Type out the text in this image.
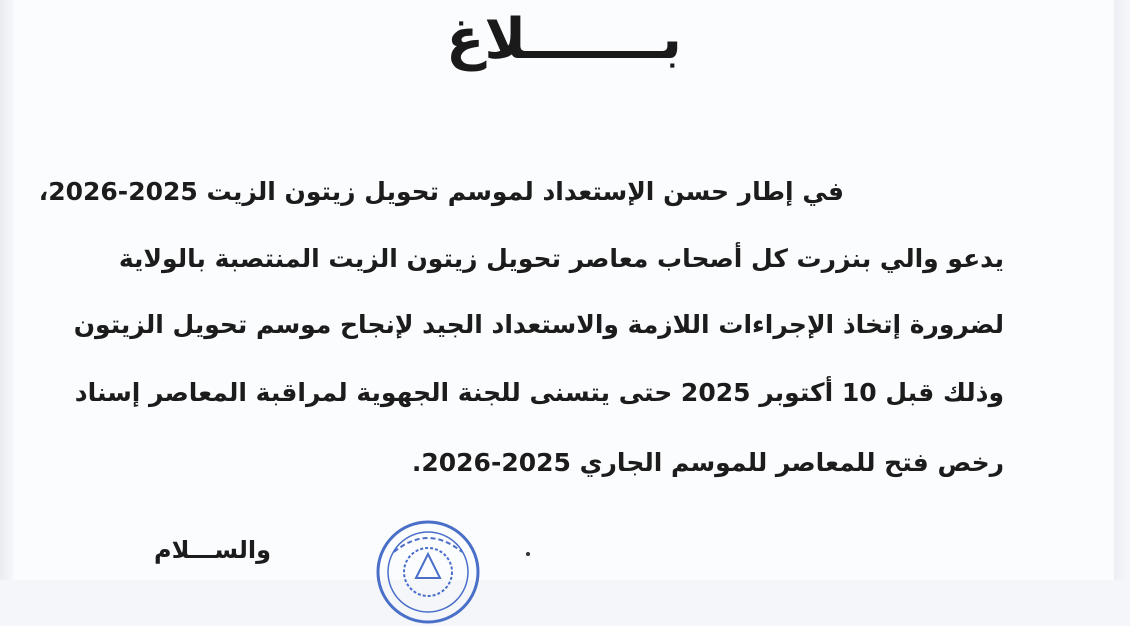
بـــــــلاغ
في إطار حسن الإستعداد لموسم تحويل زيتون الزيت 2025-2026،
يدعو والي بنزرت كل أصحاب معاصر تحويل زيتون الزيت المنتصبة بالولاية
لضرورة إتخاذ الإجراءات اللازمة والاستعداد الجيد لإنجاح موسم تحويل الزيتون
وذلك قبل 10 أكتوبر 2025 حتى يتسنى للجنة الجهوية لمراقبة المعاصر إسناد
رخص فتح للمعاصر للموسم الجاري 2025-2026.
والســـلام
